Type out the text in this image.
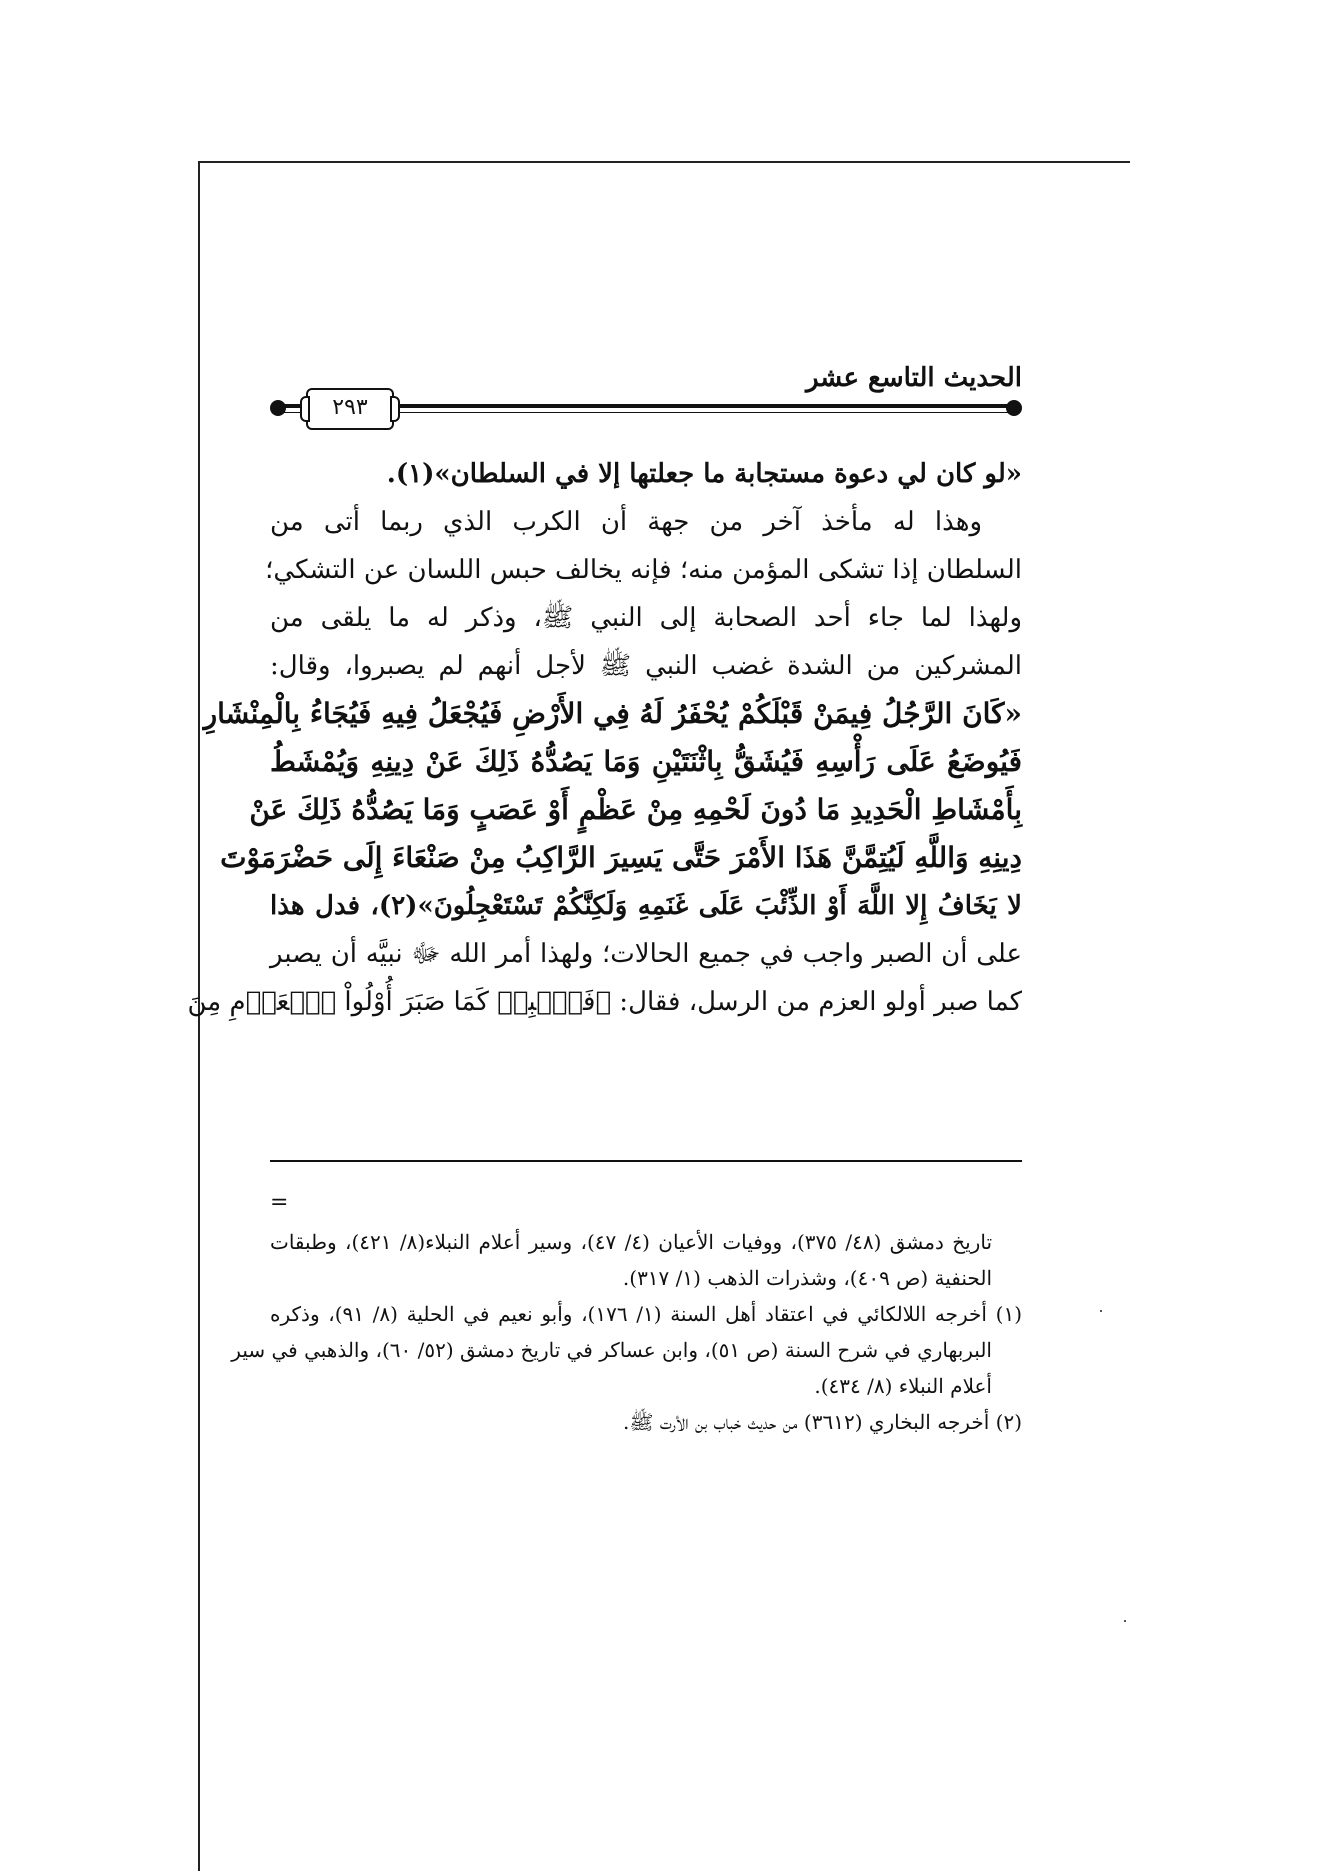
الحديث التاسع عشر
٢٩٣
«لو كان لي دعوة مستجابة ما جعلتها إلا في السلطان»(١).
وهذا له مأخذ آخر من جهة أن الكرب الذي ربما أتى من
السلطان إذا تشكى المؤمن منه؛ فإنه يخالف حبس اللسان عن التشكي؛
ولهذا لما جاء أحد الصحابة إلى النبي ﷺ، وذكر له ما يلقى من
المشركين من الشدة غضب النبي ﷺ لأجل أنهم لم يصبروا، وقال:
«كَانَ الرَّجُلُ فِيمَنْ قَبْلَكُمْ يُحْفَرُ لَهُ فِي الأَرْضِ فَيُجْعَلُ فِيهِ فَيُجَاءُ بِالْمِنْشَارِ
فَيُوضَعُ عَلَى رَأْسِهِ فَيُشَقُّ بِاثْنَتَيْنِ وَمَا يَصُدُّهُ ذَلِكَ عَنْ دِينِهِ وَيُمْشَطُ
بِأَمْشَاطِ الْحَدِيدِ مَا دُونَ لَحْمِهِ مِنْ عَظْمٍ أَوْ عَصَبٍ وَمَا يَصُدُّهُ ذَلِكَ عَنْ
دِينِهِ وَاللَّهِ لَيُتِمَّنَّ هَذَا الأَمْرَ حَتَّى يَسِيرَ الرَّاكِبُ مِنْ صَنْعَاءَ إِلَى حَضْرَمَوْتَ
لا يَخَافُ إِلا اللَّهَ أَوْ الذِّئْبَ عَلَى غَنَمِهِ وَلَكِنَّكُمْ تَسْتَعْجِلُونَ»(٢)، فدل هذا
على أن الصبر واجب في جميع الحالات؛ ولهذا أمر الله ﷻ نبيَّه أن يصبر
كما صبر أولو العزم من الرسل، فقال: ﴿فَٱصۡبِرۡ كَمَا صَبَرَ أُوْلُواْ ٱلۡعَزۡمِ مِنَ
=
تاريخ دمشق (٤٨/ ٣٧٥)، ووفيات الأعيان (٤/ ٤٧)، وسير أعلام النبلاء(٨/ ٤٢١)، وطبقات
الحنفية (ص ٤٠٩)، وشذرات الذهب (١/ ٣١٧).
(١) أخرجه اللالكائي في اعتقاد أهل السنة (١/ ١٧٦)، وأبو نعيم في الحلية (٨/ ٩١)، وذكره
البربهاري في شرح السنة (ص ٥١)، وابن عساكر في تاريخ دمشق (٥٢/ ٦٠)، والذهبي في سير
أعلام النبلاء (٨/ ٤٣٤).
(٢) أخرجه البخاري (٣٦١٢) من حديث خباب بن الأرت ﷺ.
